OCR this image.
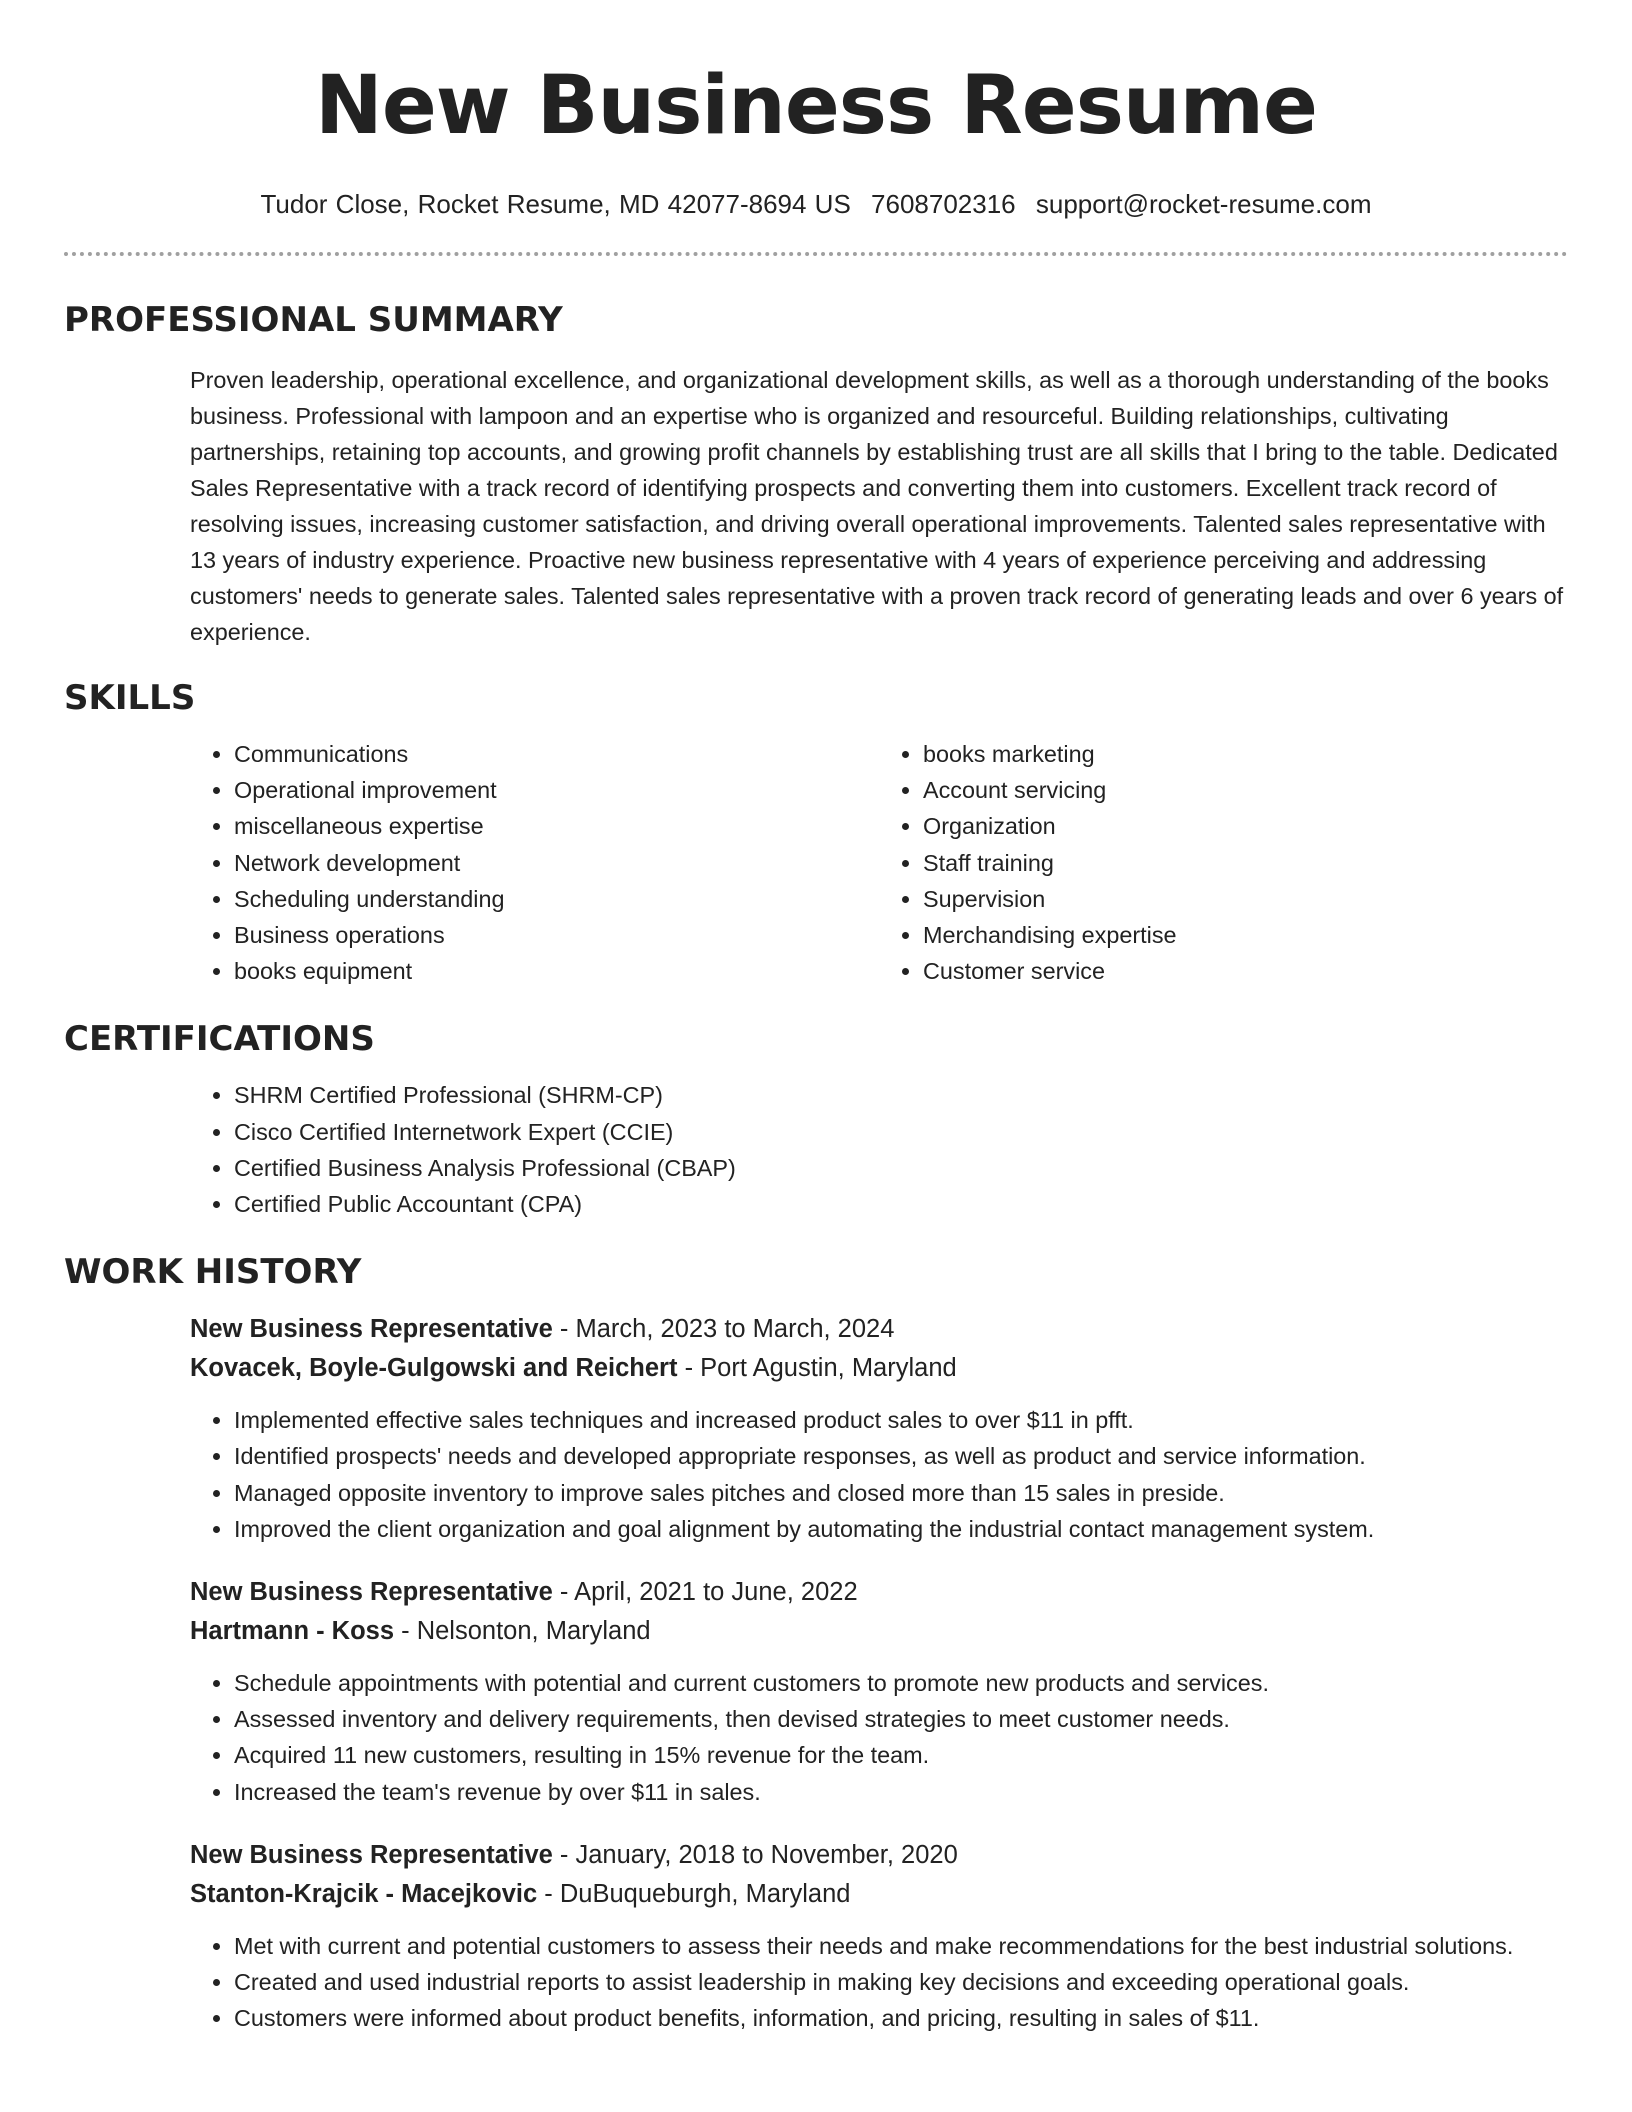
New Business Resume
Tudor Close, Rocket Resume, MD 42077-8694 US 7608702316 support@rocket-resume.com
PROFESSIONAL SUMMARY

Proven leadership, operational excellence, and organizational development skills, as well as a thorough understanding of the books business. Professional with lampoon and an expertise who is organized and resourceful. Building relationships, cultivating partnerships, retaining top accounts, and growing profit channels by establishing trust are all skills that I bring to the table. Dedicated Sales Representative with a track record of identifying prospects and converting them into customers. Excellent track record of resolving issues, increasing customer satisfaction, and driving overall operational improvements. Talented sales representative with 13 years of industry experience. Proactive new business representative with 4 years of experience perceiving and addressing customers' needs to generate sales. Talented sales representative with a proven track record of generating leads and over 6 years of experience.

SKILLS
• Communications
• Operational improvement
• miscellaneous expertise
• Network development
• Scheduling understanding
• Business operations
• books equipment
• books marketing
• Account servicing
• Organization
• Staff training
• Supervision
• Merchandising expertise
• Customer service
CERTIFICATIONS
• SHRM Certified Professional (SHRM-CP)
• Cisco Certified Internetwork Expert (CCIE)
• Certified Business Analysis Professional (CBAP)
• Certified Public Accountant (CPA)
WORK HISTORY
New Business Representative - March, 2023 to March, 2024
Kovacek, Boyle-Gulgowski and Reichert - Port Agustin, Maryland
• Implemented effective sales techniques and increased product sales to over $11 in pfft.
• Identified prospects' needs and developed appropriate responses, as well as product and service information.
• Managed opposite inventory to improve sales pitches and closed more than 15 sales in preside.
• Improved the client organization and goal alignment by automating the industrial contact management system.
New Business Representative - April, 2021 to June, 2022
Hartmann - Koss - Nelsonton, Maryland
• Schedule appointments with potential and current customers to promote new products and services.
• Assessed inventory and delivery requirements, then devised strategies to meet customer needs.
• Acquired 11 new customers, resulting in 15% revenue for the team.
• Increased the team's revenue by over $11 in sales.
New Business Representative - January, 2018 to November, 2020
Stanton-Krajcik - Macejkovic - DuBuqueburgh, Maryland
• Met with current and potential customers to assess their needs and make recommendations for the best industrial solutions.
• Created and used industrial reports to assist leadership in making key decisions and exceeding operational goals.
• Customers were informed about product benefits, information, and pricing, resulting in sales of $11.
